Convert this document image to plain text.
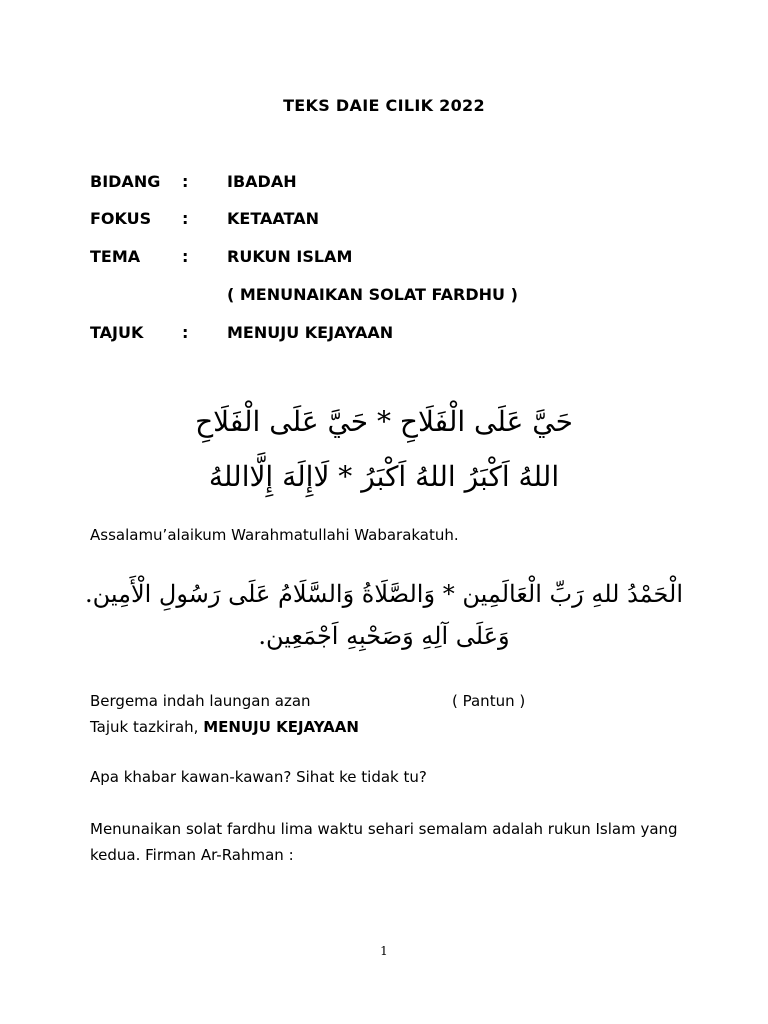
TEKS DAIE CILIK 2022
BIDANG : IBADAH
FOKUS : KETAATAN
TEMA	: RUKUN ISLAM
( MENUNAIKAN SOLAT FARDHU )
TAJUK : MENUJU KEJAYAAN
حَيَّ عَلَى الْفَلَاحِ * حَيَّ عَلَى الْفَلَاحِ
اللهُ اَكْبَرُ اللهُ اَكْبَرُ * لَاإِلَهَ إِلَّااللهُ
Assalamu’alaikum Warahmatullahi Wabarakatuh.
الْحَمْدُ للهِ رَبِّ الْعَالَمِين * وَالصَّلَاةُ وَالسَّلَامُ عَلَى رَسُولِ الْأَمِين.
وَعَلَى آلِهِ وَصَحْبِهِ اَجْمَعِين.
Bergema indah laungan azan	( Pantun )
Tajuk tazkirah, MENUJU KEJAYAAN
Apa khabar kawan-kawan? Sihat ke tidak tu?
Menunaikan solat fardhu lima waktu sehari semalam adalah rukun Islam yang kedua. Firman Ar-Rahman :
1
